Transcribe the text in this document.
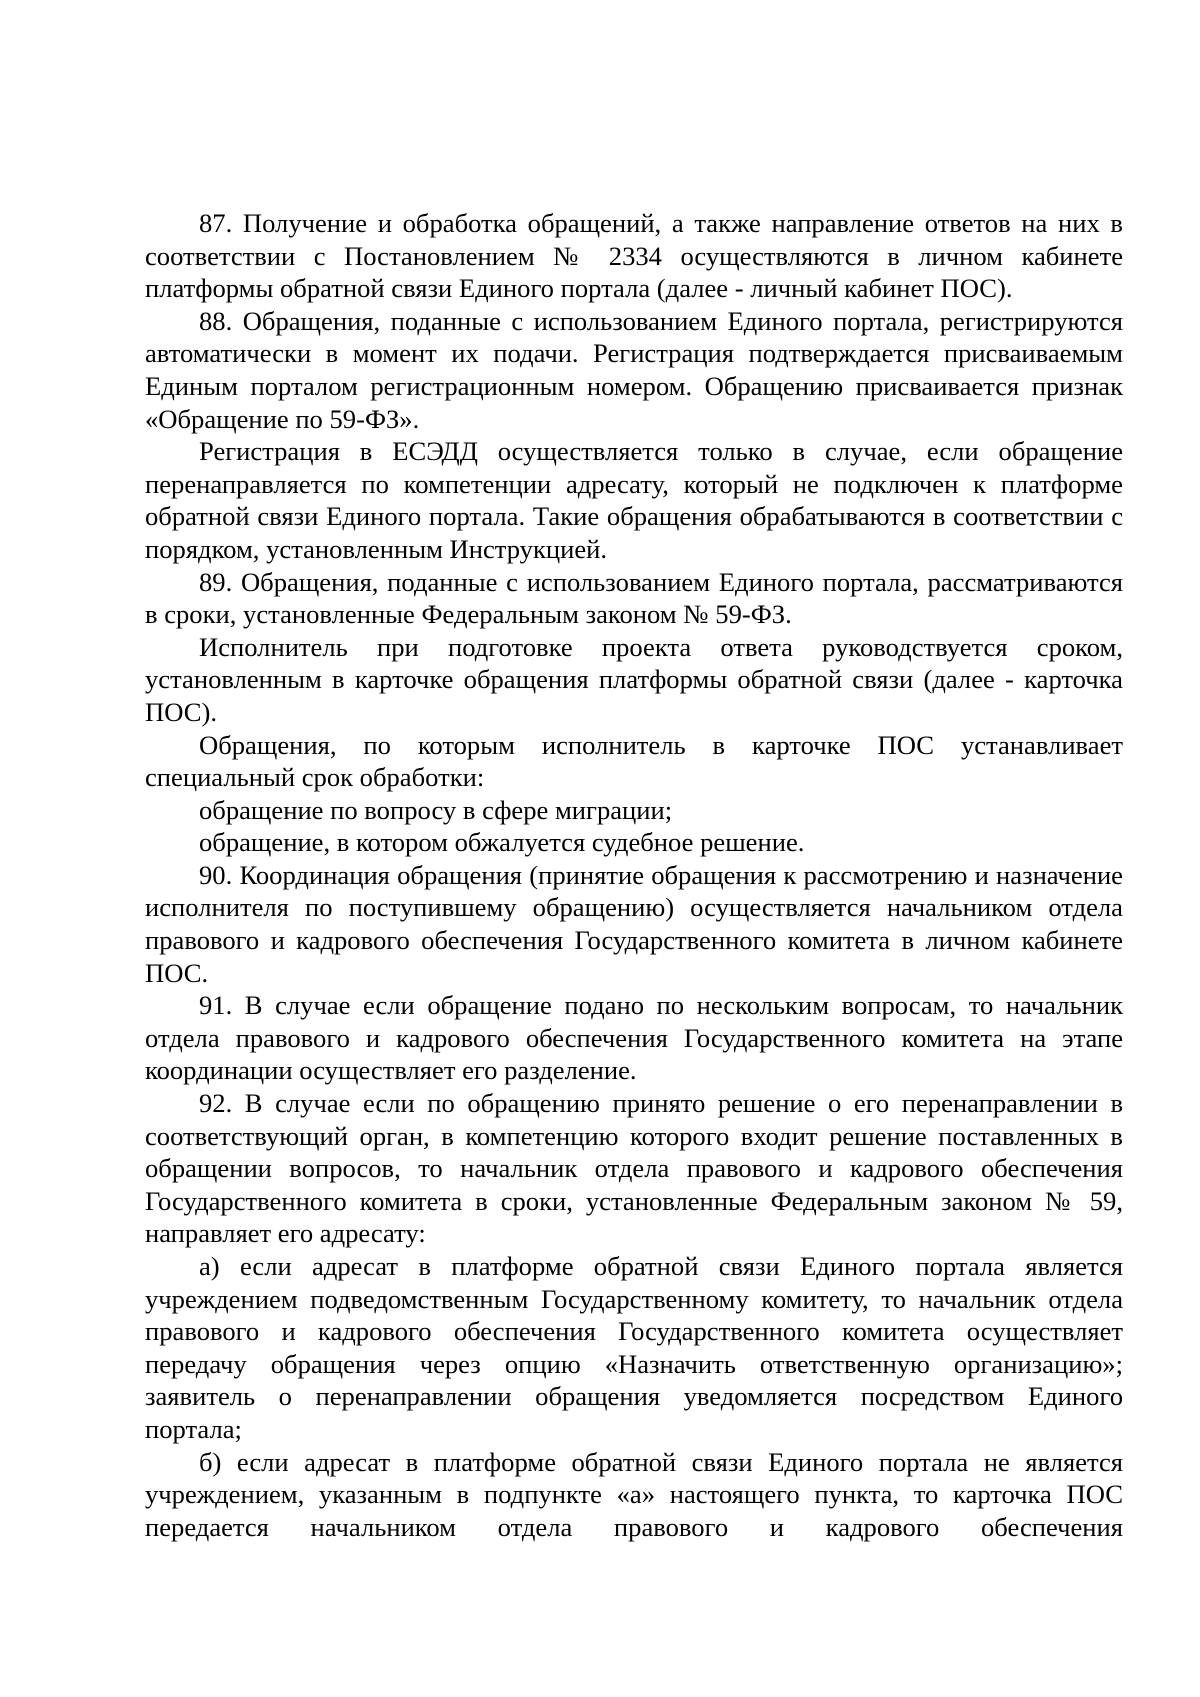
87. Получение и обработка обращений, а также направление ответов на них в соответствии с Постановлением № 2334 осуществляются в личном кабинете платформы обратной связи Единого портала (далее - личный кабинет ПОС).

88. Обращения, поданные с использованием Единого портала, регистрируются автоматически в момент их подачи. Регистрация подтверждается присваиваемым Единым порталом регистрационным номером. Обращению присваивается признак «Обращение по 59-ФЗ».

Регистрация в ЕСЭДД осуществляется только в случае, если обращение перенаправляется по компетенции адресату, который не подключен к платформе обратной связи Единого портала. Такие обращения обрабатываются в соответствии с порядком, установленным Инструкцией.

89. Обращения, поданные с использованием Единого портала, рассматриваются в сроки, установленные Федеральным законом № 59-ФЗ.

Исполнитель при подготовке проекта ответа руководствуется сроком, установленным в карточке обращения платформы обратной связи (далее - карточка ПОС).

Обращения, по которым исполнитель в карточке ПОС устанавливает специальный срок обработки:

обращение по вопросу в сфере миграции;

обращение, в котором обжалуется судебное решение.

90. Координация обращения (принятие обращения к рассмотрению и назначение исполнителя по поступившему обращению) осуществляется начальником отдела правового и кадрового обеспечения Государственного комитета в личном кабинете ПОС.

91. В случае если обращение подано по нескольким вопросам, то начальник отдела правового и кадрового обеспечения Государственного комитета на этапе координации осуществляет его разделение.

92. В случае если по обращению принято решение о его перенаправлении в соответствующий орган, в компетенцию которого входит решение поставленных в обращении вопросов, то начальник отдела правового и кадрового обеспечения Государственного комитета в сроки, установленные Федеральным законом № 59, направляет его адресату:

а) если адресат в платформе обратной связи Единого портала является учреждением подведомственным Государственному комитету, то начальник отдела правового и кадрового обеспечения Государственного комитета осуществляет передачу обращения через опцию «Назначить ответственную организацию»; заявитель о перенаправлении обращения уведомляется посредством Единого портала;

б) если адресат в платформе обратной связи Единого портала не является учреждением, указанным в подпункте «а» настоящего пункта, то карточка ПОС передается начальником отдела правового и кадрового обеспечения
